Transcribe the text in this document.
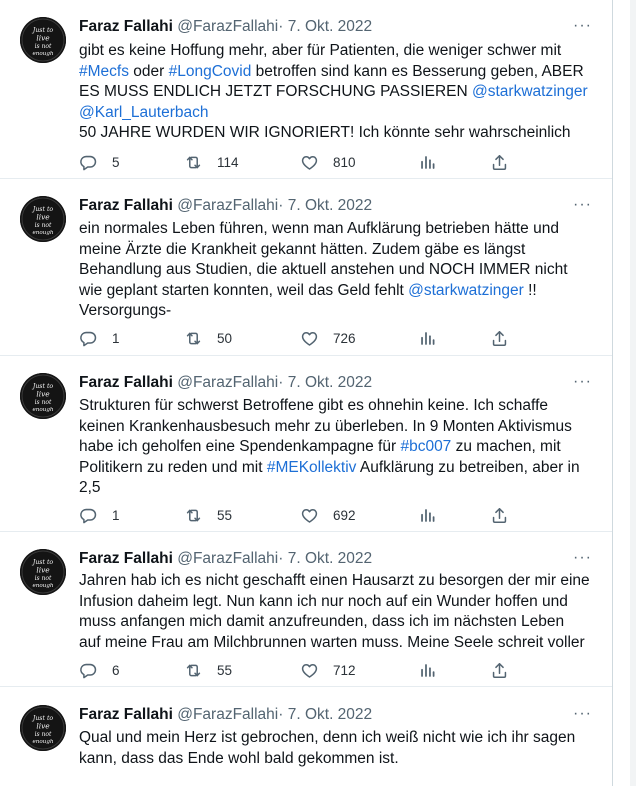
Just to
live
is not
enough
Faraz Fallahi @FarazFallahi· 7. Okt. 2022	···
gibt es keine Hoffung mehr, aber für Patienten, die weniger schwer mit
#Mecfs oder #LongCovid betroffen sind kann es Besserung geben, ABER
ES MUSS ENDLICH JETZT FORSCHUNG PASSIEREN @starkwatzinger
@Karl_Lauterbach
50 JAHRE WURDEN WIR IGNORIERT! Ich könnte sehr wahrscheinlich
5	114	810
Just to
live
is not
enough
Faraz Fallahi @FarazFallahi· 7. Okt. 2022	···
ein normales Leben führen, wenn man Aufklärung betrieben hätte und
meine Ärzte die Krankheit gekannt hätten. Zudem gäbe es längst
Behandlung aus Studien, die aktuell anstehen und NOCH IMMER nicht
wie geplant starten konnten, weil das Geld fehlt @starkwatzinger !!
Versorgungs-
1	50	726
Just to
live
is not
enough
Faraz Fallahi @FarazFallahi· 7. Okt. 2022	···
Strukturen für schwerst Betroffene gibt es ohnehin keine. Ich schaffe
keinen Krankenhausbesuch mehr zu überleben. In 9 Monten Aktivismus
habe ich geholfen eine Spendenkampagne für #bc007 zu machen, mit
Politikern zu reden und mit #MEKollektiv Aufklärung zu betreiben, aber in
2,5
1	55	692
Just to
live
is not
enough
Faraz Fallahi @FarazFallahi· 7. Okt. 2022	···
Jahren hab ich es nicht geschafft einen Hausarzt zu besorgen der mir eine
Infusion daheim legt. Nun kann ich nur noch auf ein Wunder hoffen und
muss anfangen mich damit anzufreunden, dass ich im nächsten Leben
auf meine Frau am Milchbrunnen warten muss. Meine Seele schreit voller
6	55	712
Just to
live
is not
enough
Faraz Fallahi @FarazFallahi· 7. Okt. 2022	···
Qual und mein Herz ist gebrochen, denn ich weiß nicht wie ich ihr sagen
kann, dass das Ende wohl bald gekommen ist.
